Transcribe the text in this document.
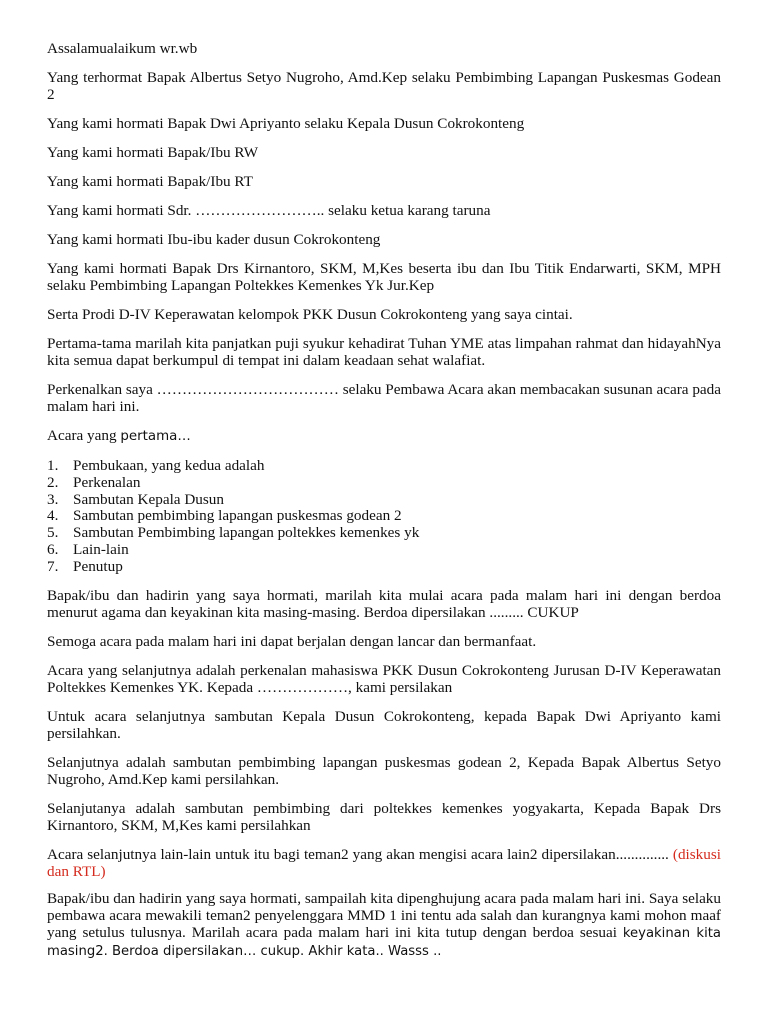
Assalamualaikum wr.wb

Yang terhormat Bapak Albertus Setyo Nugroho, Amd.Kep selaku Pembimbing Lapangan Puskesmas Godean 2

Yang kami hormati Bapak Dwi Apriyanto selaku Kepala Dusun Cokrokonteng

Yang kami hormati Bapak/Ibu RW

Yang kami hormati Bapak/Ibu RT

Yang kami hormati Sdr. …………………….. selaku ketua karang taruna

Yang kami hormati Ibu-ibu kader dusun Cokrokonteng

Yang kami hormati Bapak Drs Kirnantoro, SKM, M,Kes beserta ibu dan Ibu Titik Endarwarti, SKM, MPH selaku Pembimbing Lapangan Poltekkes Kemenkes Yk Jur.Kep

Serta Prodi D-IV Keperawatan kelompok PKK Dusun Cokrokonteng yang saya cintai.

Pertama-tama marilah kita panjatkan puji syukur kehadirat Tuhan YME atas limpahan rahmat dan hidayahNya kita semua dapat berkumpul di tempat ini dalam keadaan sehat walafiat.

Perkenalkan saya ……………………………… selaku Pembawa Acara akan membacakan susunan acara pada malam hari ini.

Acara yang pertama…

1. Pembukaan, yang kedua adalah
2. Perkenalan
3. Sambutan Kepala Dusun
4. Sambutan pembimbing lapangan puskesmas godean 2
5. Sambutan Pembimbing lapangan poltekkes kemenkes yk
6. Lain-lain
7. Penutup

Bapak/ibu dan hadirin yang saya hormati, marilah kita mulai acara pada malam hari ini dengan berdoa menurut agama dan keyakinan kita masing-masing. Berdoa dipersilakan ......... CUKUP

Semoga acara pada malam hari ini dapat berjalan dengan lancar dan bermanfaat.

Acara yang selanjutnya adalah perkenalan mahasiswa PKK Dusun Cokrokonteng Jurusan D-IV Keperawatan Poltekkes Kemenkes YK. Kepada ………………, kami persilakan

Untuk acara selanjutnya sambutan Kepala Dusun Cokrokonteng, kepada Bapak Dwi Apriyanto kami persilahkan.

Selanjutnya adalah sambutan pembimbing lapangan puskesmas godean 2, Kepada Bapak Albertus Setyo Nugroho, Amd.Kep kami persilahkan.

Selanjutanya adalah sambutan pembimbing dari poltekkes kemenkes yogyakarta, Kepada Bapak Drs Kirnantoro, SKM, M,Kes kami persilahkan

Acara selanjutnya lain-lain untuk itu bagi teman2 yang akan mengisi acara lain2 dipersilakan.............. (diskusi dan RTL)

Bapak/ibu dan hadirin yang saya hormati, sampailah kita dipenghujung acara pada malam hari ini. Saya selaku pembawa acara mewakili teman2 penyelenggara MMD 1 ini tentu ada salah dan kurangnya kami mohon maaf yang setulus tulusnya. Marilah acara pada malam hari ini kita tutup dengan berdoa sesuai keyakinan kita masing2. Berdoa dipersilakan… cukup. Akhir kata.. Wasss ..
